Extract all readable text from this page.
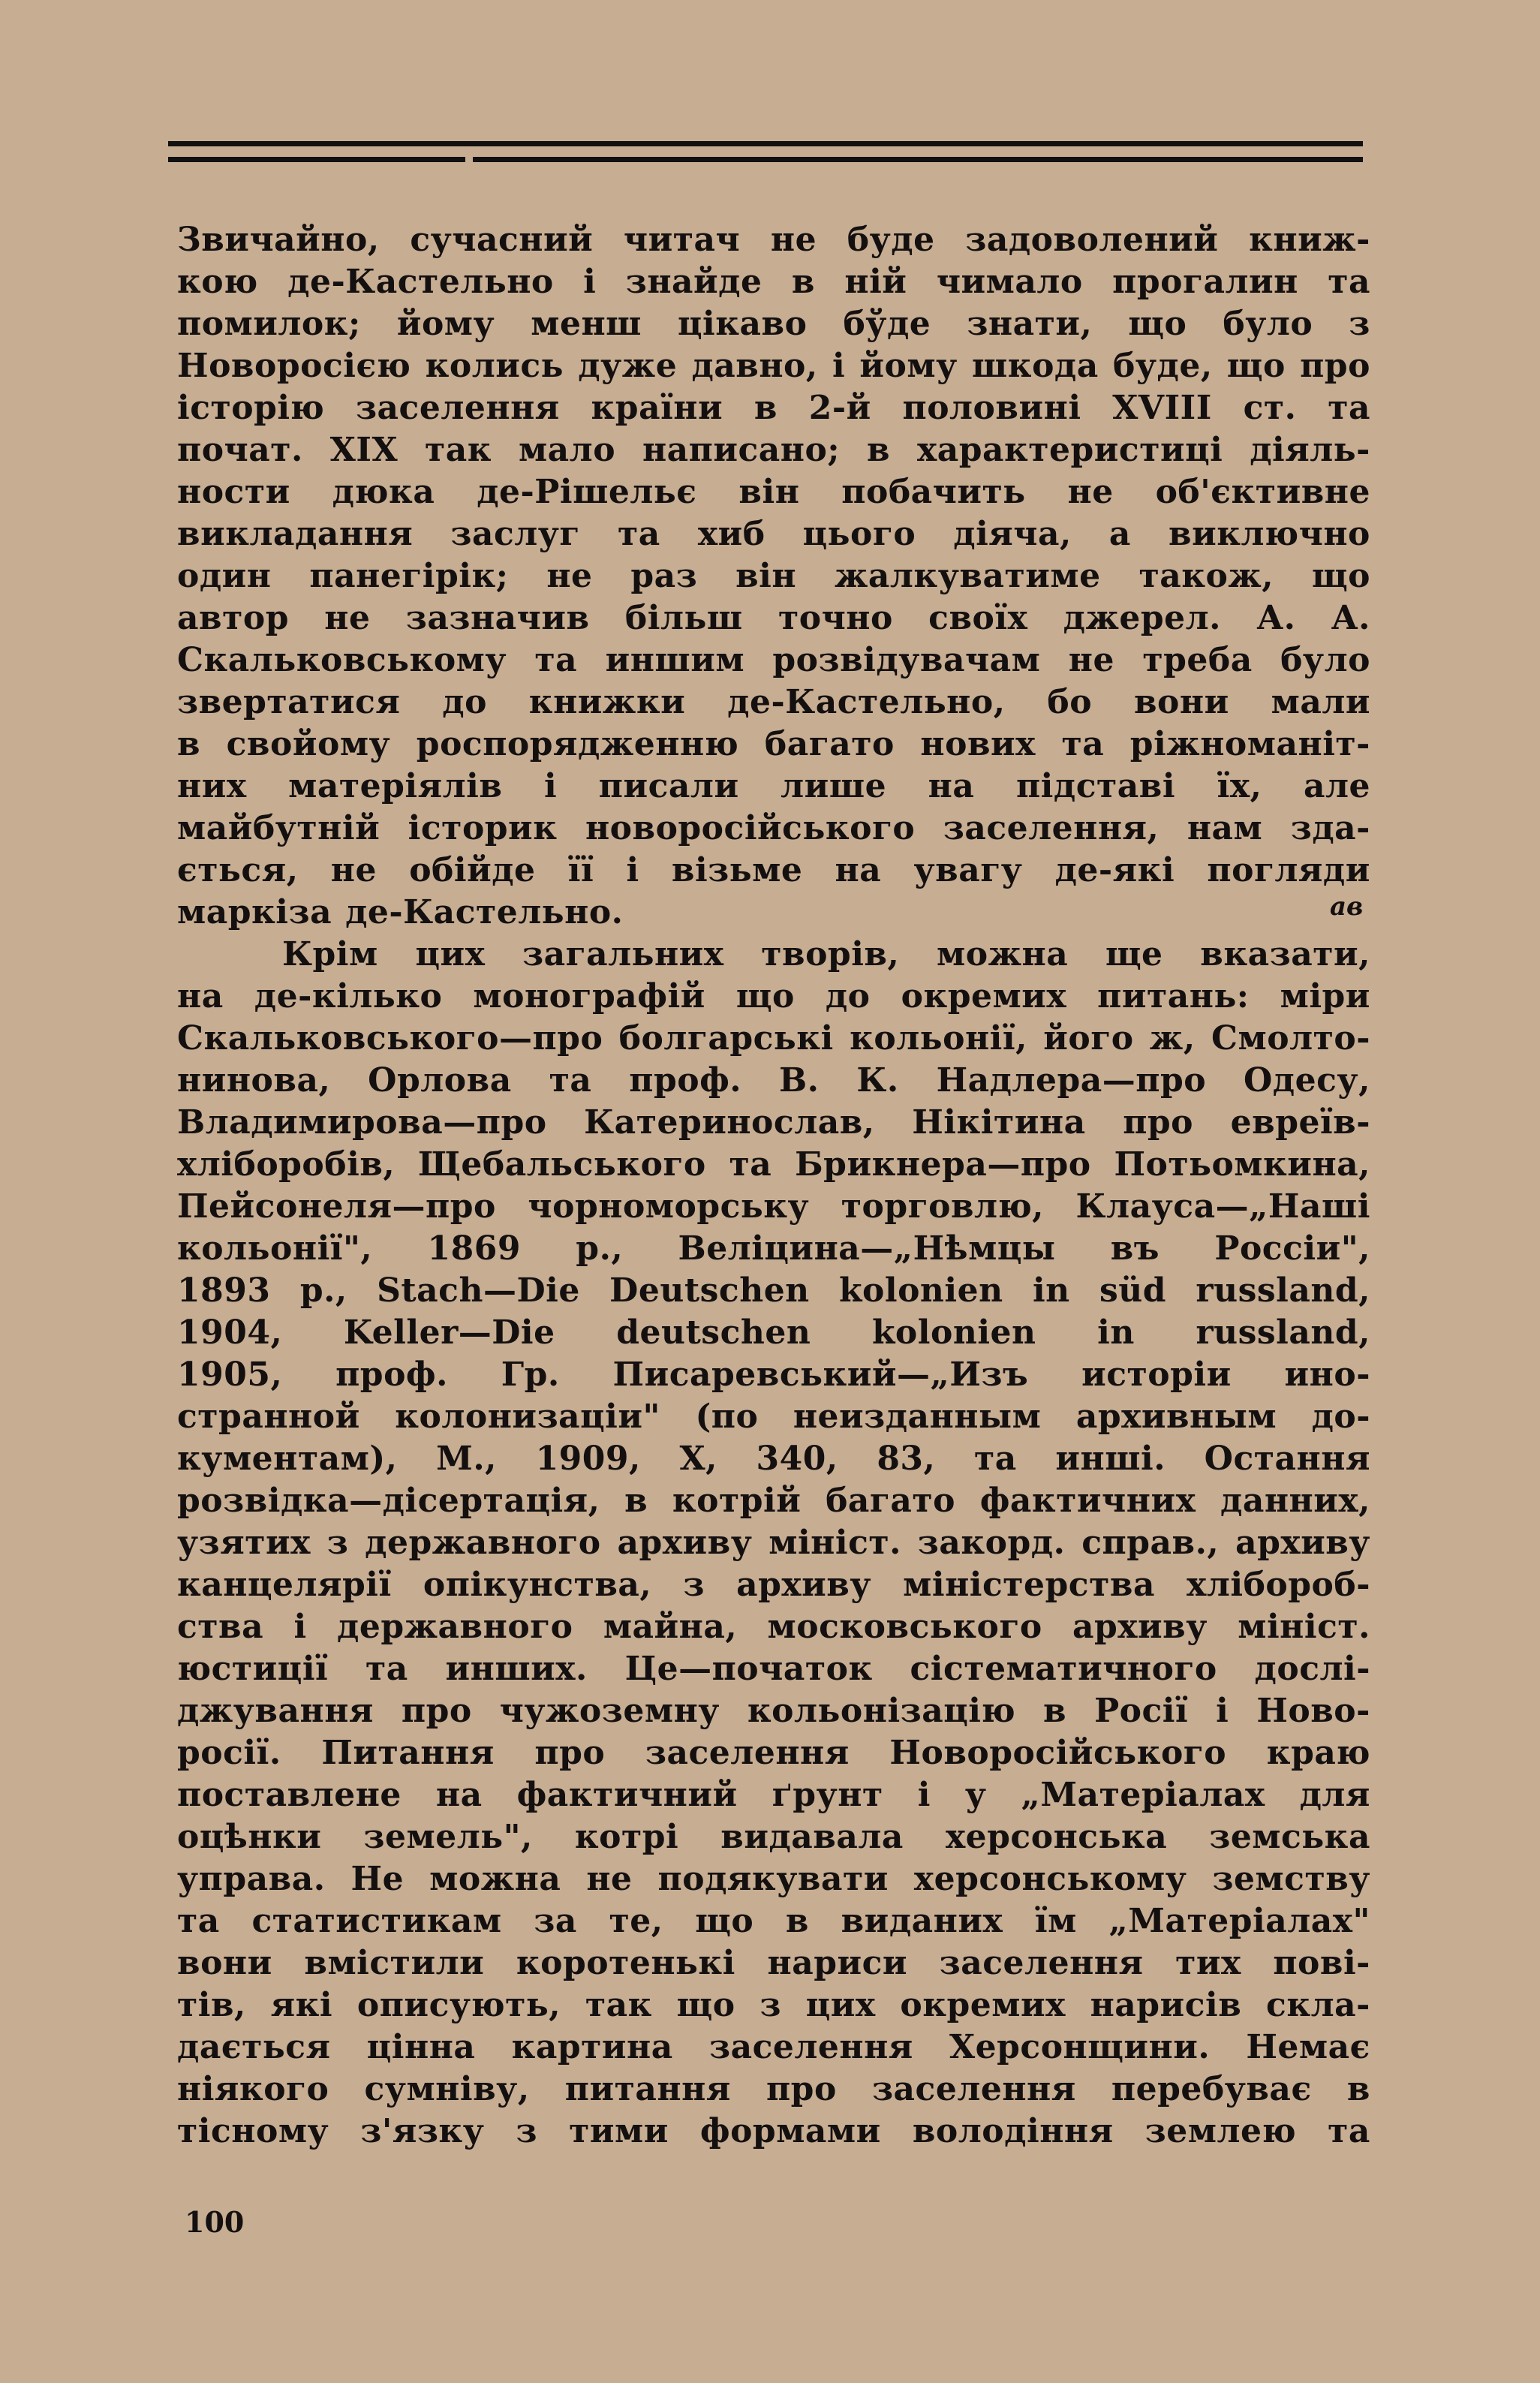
Звичайно, сучасний читач не буде задоволений книж-
кою де-Кастельно і знайде в ній чимало прогалин та
помилок; йому менш цікаво бўде знати, що було з
Новоросією колись дуже давно, і йому шкода буде, що про
історію заселення країни в 2-й половині XVIII ст. та
почат. XIX так мало написано; в характеристиці діяль-
ности дюка де-Рішельє він побачить не об'єктивне
викладання заслуг та хиб цього діяча, а виключно
один панегірік; не раз він жалкуватиме також, що
автор не зазначив більш точно своїх джерел. А. А.
Скальковському та иншим розвідувачам не треба було
звертатися до книжки де-Кастельно, бо вони мали
в свойому роспорядженню багато нових та ріжноманіт-
них матеріялів і писали лише на підставі їх, але
майбутній історик новоросійського заселення, нам зда-
ється, не обійде її і візьме на увагу де-які погляди
маркіза де-Кастельно.
Крім цих загальних творів, можна ще вказати,
на де-кілько монографій що до окремих питань: міри
Скальковського—про болгарські кольонії, його ж, Смолто-
нинова, Орлова та проф. В. К. Надлера—про Одесу,
Владимирова—про Катеринослав, Нікітина про евреїв-
хліборобів, Щебальського та Брикнера—про Потьомкина,
Пейсонеля—про чорноморську торговлю, Клауса—„Наші
кольонії", 1869 р., Веліцина—„Нѣмцы въ Россіи",
1893 р., Stach—Die Deutschen kolonien in süd russland,
1904, Keller—Die deutschen kolonien in russland,
1905, проф. Гр. Писаревський—„Изъ исторіи ино-
странной колонизаціи" (по неизданным архивным до-
кументам), М., 1909, X, 340, 83, та инші. Остання
розвідка—дісертація, в котрій багато фактичних данних,
узятих з державного архиву мініст. закорд. справ., архиву
канцелярії опікунства, з архиву міністерства хлібороб-
ства і державного майна, московського архиву мініст.
юстиції та инших. Це—початок сістематичного дослі-
джування про чужоземну кольонізацію в Росії і Ново-
росії. Питання про заселення Новоросійського краю
поставлене на фактичний ґрунт і у „Матеріалах для
оцѣнки земель", котрі видавала херсонська земська
управа. Не можна не подякувати херсонському земству
та статистикам за те, що в виданих їм „Матеріалах"
вони вмістили коротенькі нариси заселення тих пові-
тів, які описують, так що з цих окремих нарисів скла-
дається цінна картина заселення Херсонщини. Немає
ніякого сумніву, питання про заселення перебуває в
тісному з'язку з тими формами володіння землею та
ав
100
